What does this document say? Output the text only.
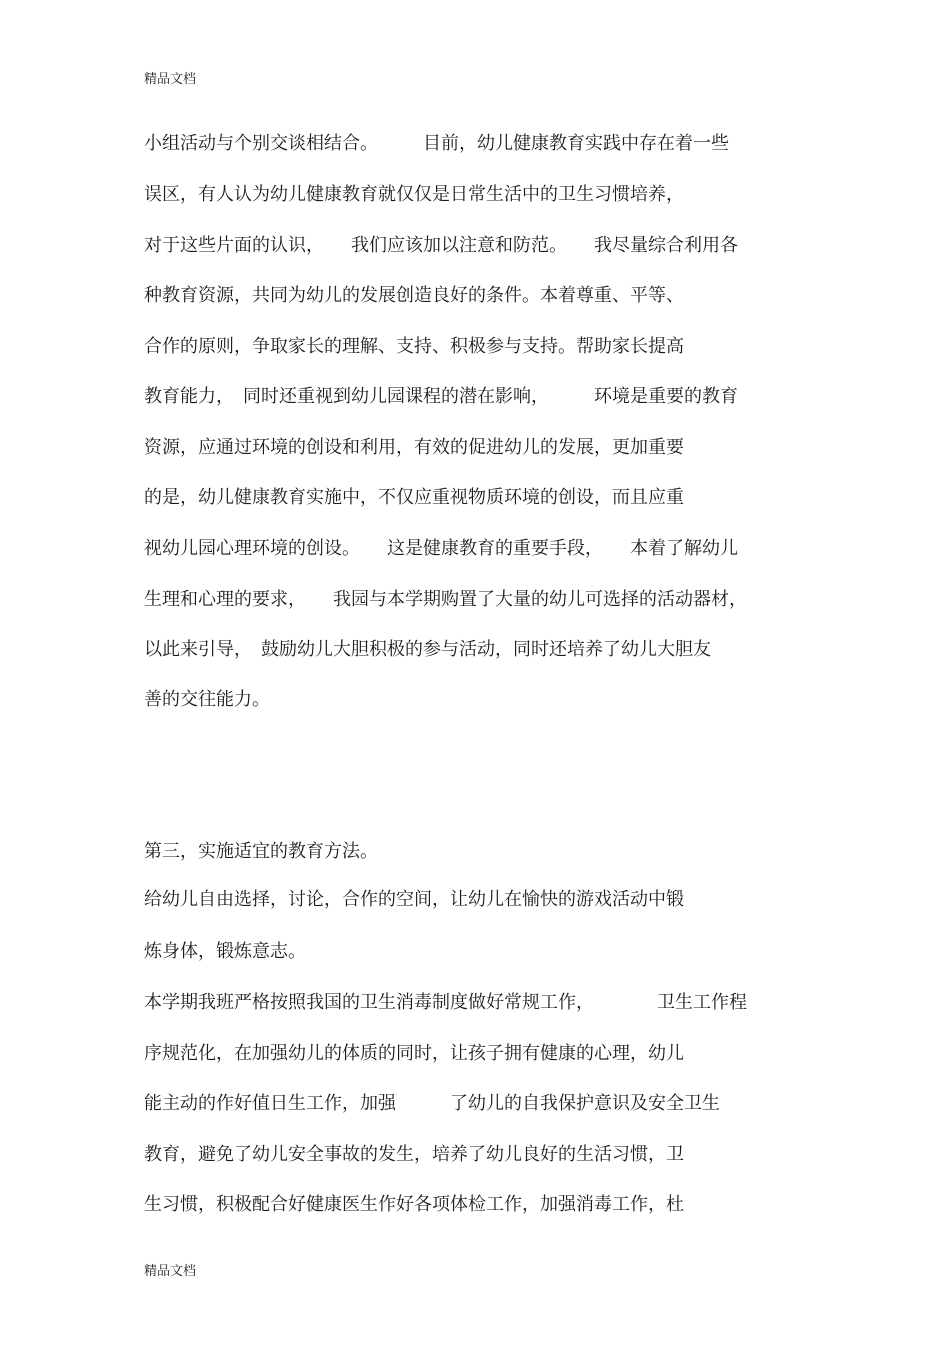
精品文档
小组活动与个别交谈相结合。　　　目前，幼儿健康教育实践中存在着一些
误区，有人认为幼儿健康教育就仅仅是日常生活中的卫生习惯培养，
对于这些片面的认识，　　我们应该加以注意和防范。　　我尽量综合利用各
种教育资源，共同为幼儿的发展创造良好的条件。本着尊重、平等、
合作的原则，争取家长的理解、支持、积极参与支持。帮助家长提高
教育能力，　同时还重视到幼儿园课程的潜在影响，　　　环境是重要的教育
资源，应通过环境的创设和利用，有效的促进幼儿的发展，更加重要
的是，幼儿健康教育实施中，不仅应重视物质环境的创设，而且应重
视幼儿园心理环境的创设。　　这是健康教育的重要手段，　　本着了解幼儿
生理和心理的要求，　　我园与本学期购置了大量的幼儿可选择的活动器材，
以此来引导，　鼓励幼儿大胆积极的参与活动，同时还培养了幼儿大胆友
善的交往能力。
第三，实施适宜的教育方法。
给幼儿自由选择，讨论，合作的空间，让幼儿在愉快的游戏活动中锻
炼身体，锻炼意志。
本学期我班严格按照我国的卫生消毒制度做好常规工作，　　　　卫生工作程
序规范化，在加强幼儿的体质的同时，让孩子拥有健康的心理，幼儿
能主动的作好值日生工作，加强　　　了幼儿的自我保护意识及安全卫生
教育，避免了幼儿安全事故的发生，培养了幼儿良好的生活习惯，卫
生习惯，积极配合好健康医生作好各项体检工作，加强消毒工作，杜
精品文档
